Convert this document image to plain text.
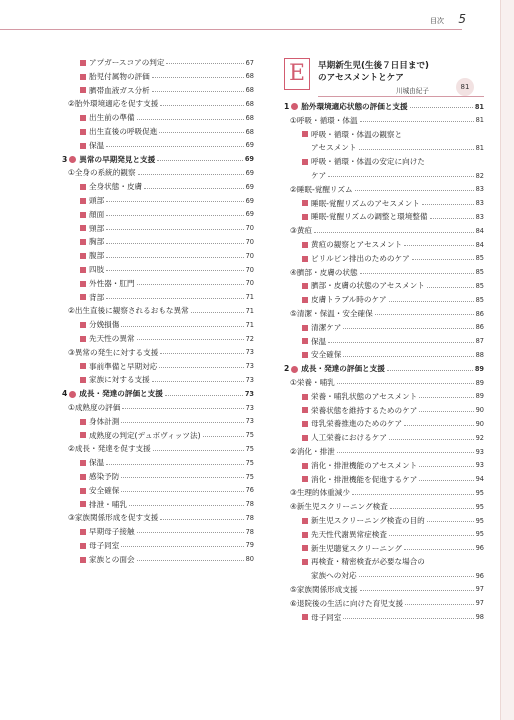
目次	5
アプガースコアの判定	67
胎児付属物の評価	68
臍帯血液ガス分析	68
② 胎外環境適応を促す支援	68
出生前の準備	68
出生直後の呼吸促進	68
保温	69
3 異常の早期発見と支援	69
① 全身の系統的観察	69
全身状態・皮膚	69
頭部	69
顔面	69
頸部	70
胸部	70
腹部	70
四肢	70
外性器・肛門	70
背部	71
② 出生直後に観察されるおもな異常	71
分娩損傷	71
先天性の異常	72
③ 異常の発生に対する支援	73
事前準備と早期対応	73
家族に対する支援	73
4 成長・発達の評価と支援	73
① 成熟度の評価	73
身体計測	73
成熟度の判定(デュボヴィッツ法)	75
② 成長・発達を促す支援	75
保温	75
感染予防	75
安全確保	76
排泄・哺乳	78
③ 家族関係形成を促す支援	78
早期母子接触	78
母子同室	79
家族との面会	80
E	早期新生児(生後７日目まで)
のアセスメントとケア
川城由紀子	81
1 胎外環境適応状態の評価と支援	81
① 呼吸・循環・体温	81
呼吸・循環・体温の観察と
アセスメント	81
呼吸・循環・体温の安定に向けた
ケア	82
② 睡眠-覚醒リズム	83
睡眠-覚醒リズムのアセスメント	83
睡眠-覚醒リズムの調整と環境整備	83
③ 黄疸	84
黄疸の観察とアセスメント	84
ビリルビン排出のためのケア	85
④ 臍部・皮膚の状態	85
臍部・皮膚の状態のアセスメント	85
皮膚トラブル時のケア	85
⑤ 清潔・保温・安全確保	86
清潔ケア	86
保温	87
安全確保	88
2 成長・発達の評価と支援	89
① 栄養・哺乳	89
栄養・哺乳状態のアセスメント	89
栄養状態を維持するためのケア	90
母乳栄養推進のためのケア	90
人工栄養におけるケア	92
② 消化・排泄	93
消化・排泄機能のアセスメント	93
消化・排泄機能を促進するケア	94
③ 生理的体重減少	95
④ 新生児スクリーニング検査	95
新生児スクリーニング検査の目的	95
先天性代謝異常症検査	95
新生児聴覚スクリーニング	96
再検査・精密検査が必要な場合の
家族への対応	96
⑤ 家族関係形成支援	97
⑥ 退院後の生活に向けた育児支援	97
母子同室	98
